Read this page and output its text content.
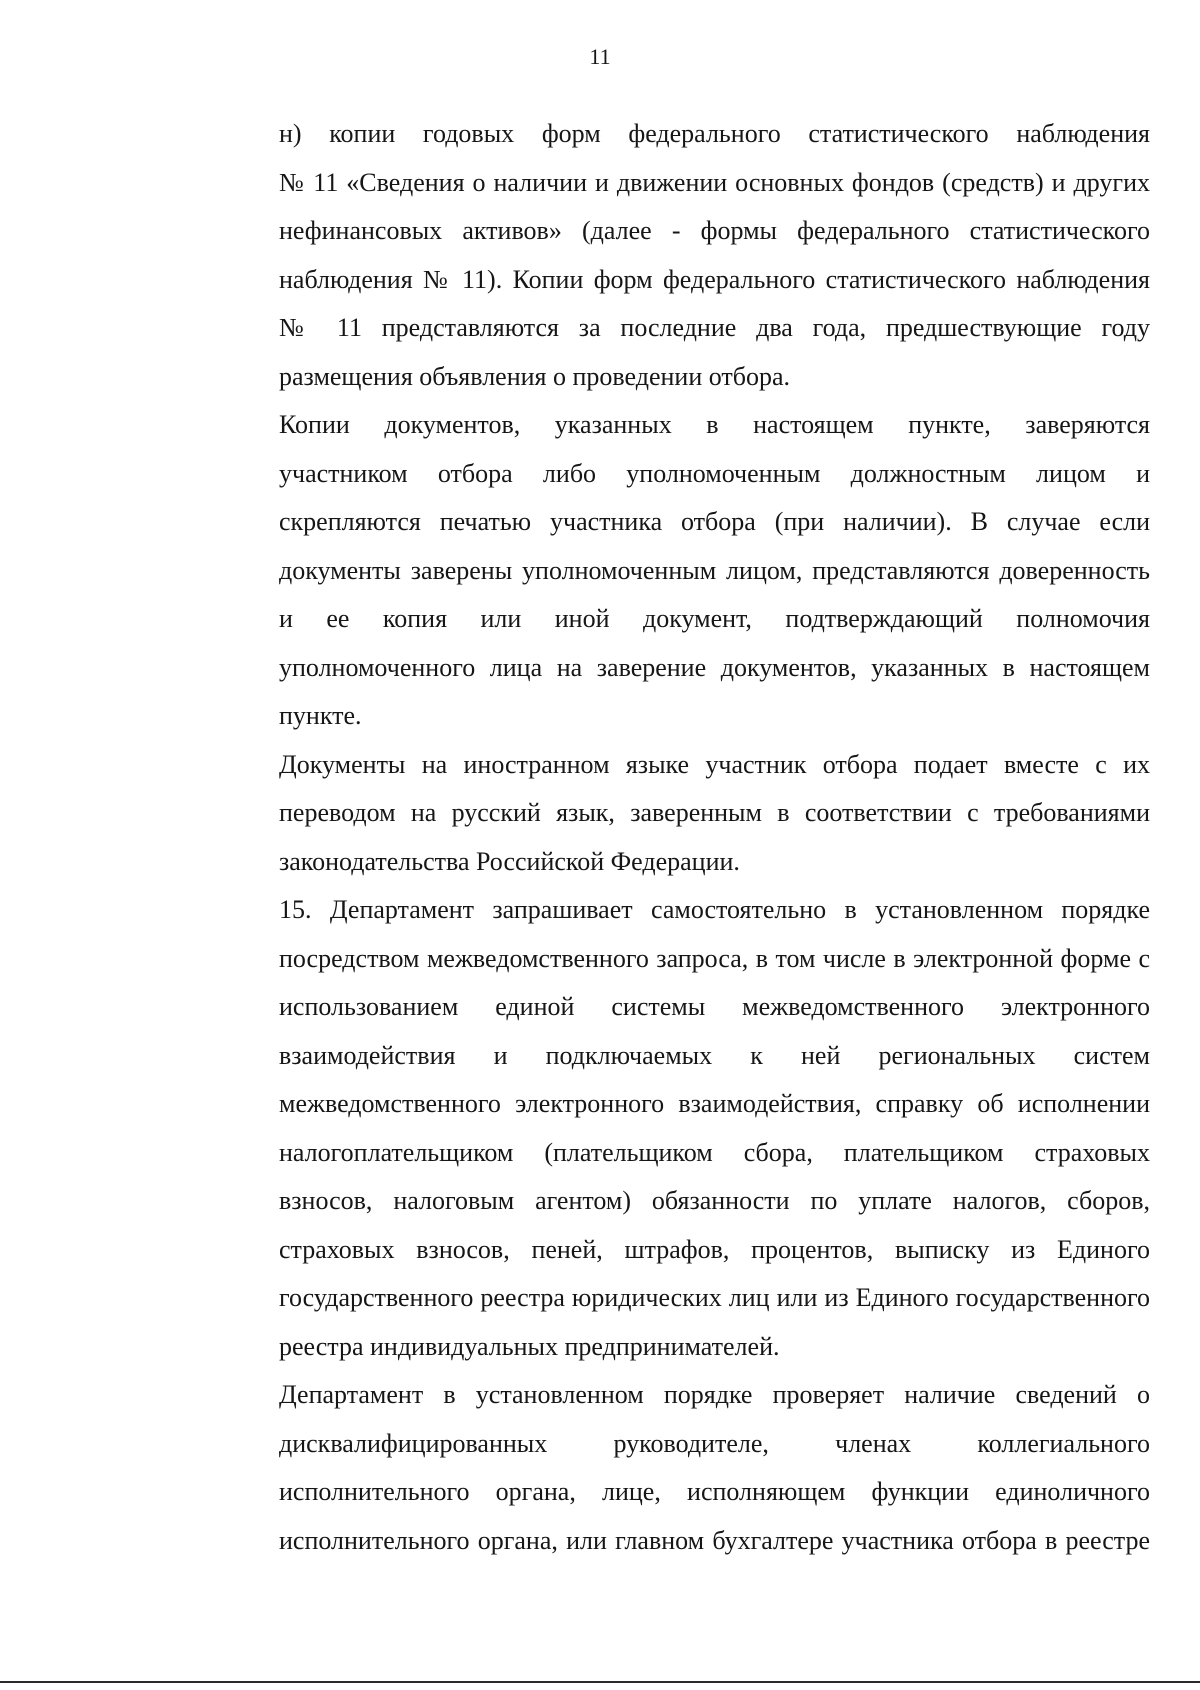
11

н) копии годовых форм федерального статистического наблюдения
№ 11 «Сведения о наличии и движении основных фондов (средств) и других
нефинансовых активов» (далее - формы федерального статистического
наблюдения № 11). Копии форм федерального статистического наблюдения
№ 11 представляются за последние два года, предшествующие году
размещения объявления о проведении отбора.

Копии документов, указанных в настоящем пункте, заверяются
участником отбора либо уполномоченным должностным лицом и
скрепляются печатью участника отбора (при наличии). В случае если
документы заверены уполномоченным лицом, представляются доверенность
и ее копия или иной документ, подтверждающий полномочия
уполномоченного лица на заверение документов, указанных в настоящем
пункте.

Документы на иностранном языке участник отбора подает вместе с их
переводом на русский язык, заверенным в соответствии с требованиями
законодательства Российской Федерации.

15. Департамент запрашивает самостоятельно в установленном порядке
посредством межведомственного запроса, в том числе в электронной форме с
использованием единой системы межведомственного электронного
взаимодействия и подключаемых к ней региональных систем
межведомственного электронного взаимодействия, справку об исполнении
налогоплательщиком (плательщиком сбора, плательщиком страховых
взносов, налоговым агентом) обязанности по уплате налогов, сборов,
страховых взносов, пеней, штрафов, процентов, выписку из Единого
государственного реестра юридических лиц или из Единого государственного
реестра индивидуальных предпринимателей.

Департамент в установленном порядке проверяет наличие сведений о
дисквалифицированных руководителе, членах коллегиального
исполнительного органа, лице, исполняющем функции единоличного
исполнительного органа, или главном бухгалтере участника отбора в реестре
